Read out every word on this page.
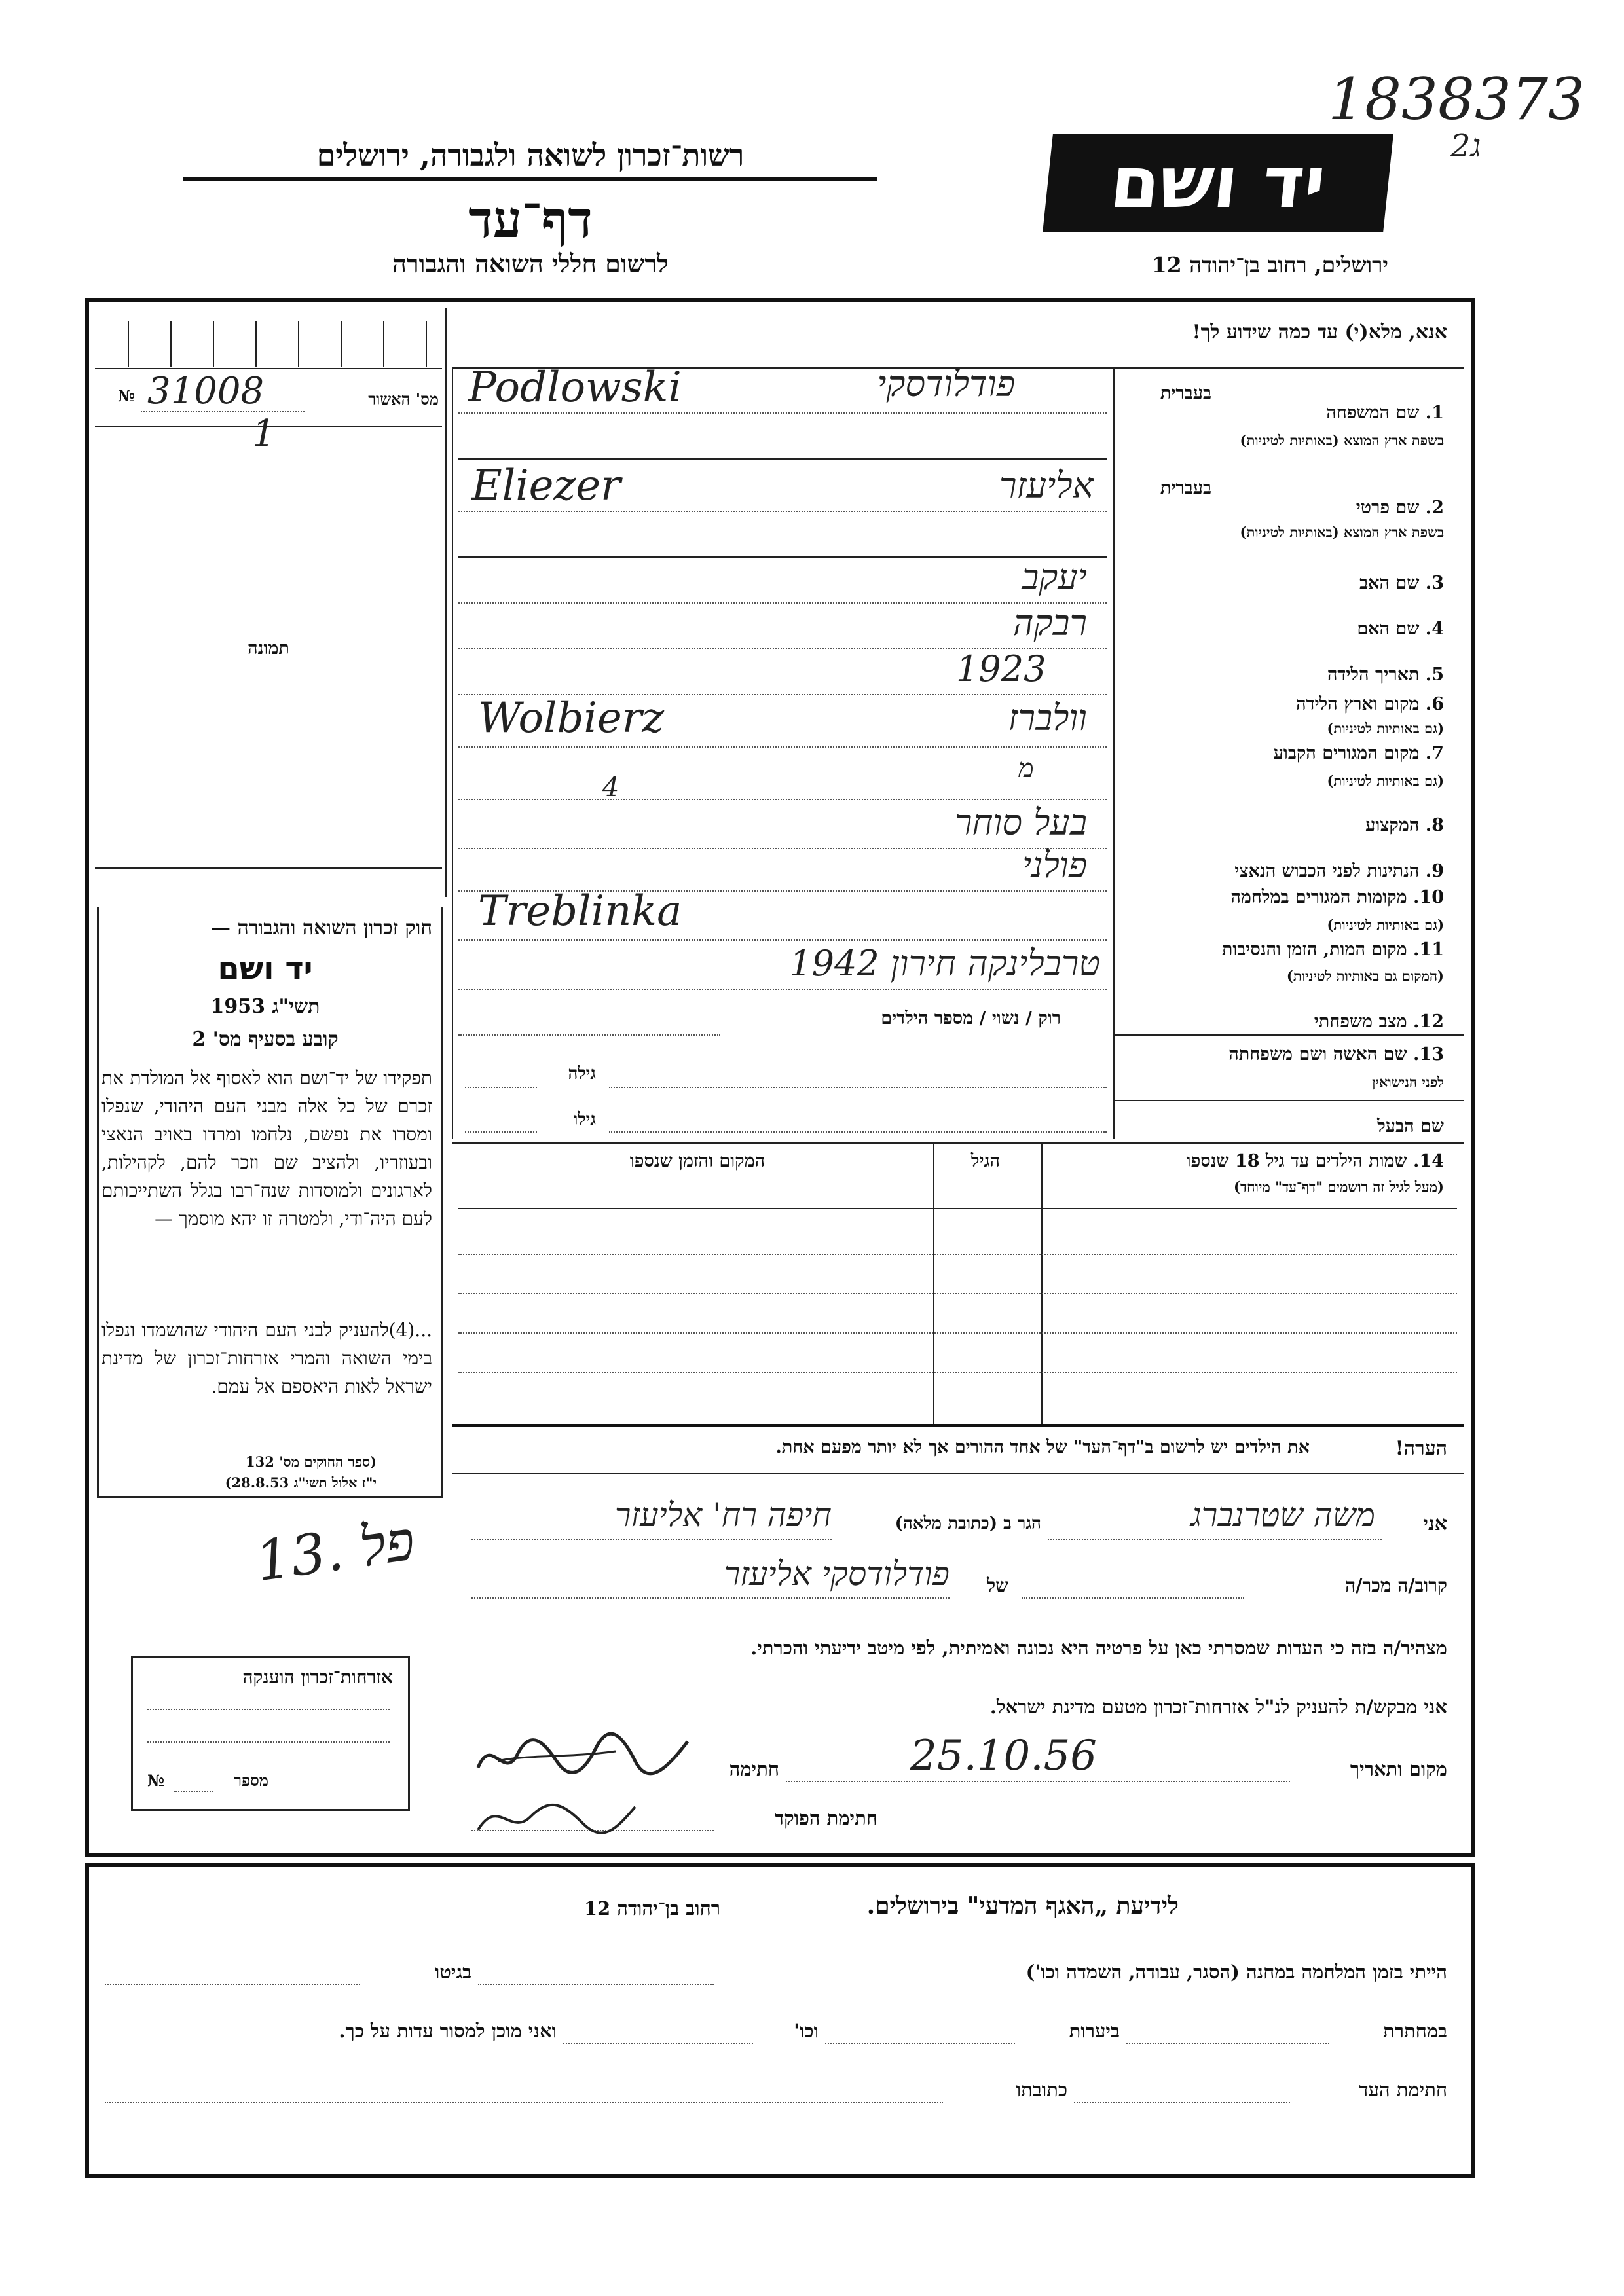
1838373
ג2
רשות־זכרון לשואה ולגבורה, ירושלים
דף־עד
לרשום חללי השואה והגבורה
יד ושם
ירושלים, רחוב בן־יהודה 12
№ 31008
1
מס' האשור
תמונה
חוק זכרון השואה והגבורה —
יד ושם
תשי"ג 1953
קובע בסעיף מס' 2
תפקידו של יד־ושם הוא לאסוף אל המולדת את זכרם של כל אלה מבני העם היהודי, שנפלו ומסרו את נפשם, נלחמו ומרדו באויב הנאצי ובעוזריו, ולהציב שם וזכר להם, לקהילות, לארגונים ולמוסדות שנח־רבו בגלל השתייכותם לעם היה־ודי, ולמטרה זו יהא מוסמך —
...(4)להעניק לבני העם היהודי שהושמדו ונפלו בימי השואה והמרי אזרחות־זכרון של מדינת ישראל לאות היאספם אל עמם.
(ספר החוקים מס' 132
י"ז אלול תשי"ג 28.8.53)
13. פל
אזרחות־זכרון הוענקה
№	מספר
אנא, מלא(י) עד כמה שידוע לך!
בעברית
בעברית
1. שם המשפחה
בשפת ארץ המוצא (באותיות לטיניות)
פודלודסקי
Podlowski
2. שם פרטי
בשפת ארץ המוצא (באותיות לטיניות)
אליעזר
Eliezer
3. שם האב
יעקב
4. שם האם
רבקה
5. תאריך הלידה
1923
6. מקום וארץ הלידה
(גם באותיות לטיניות)
וולברז
Wolbierz
7. מקום המגורים הקבוע
(גם באותיות לטיניות)
מ
4
8. המקצוע
בעל סוחר
9. הנתינות לפני הכבוש הנאצי
פולני
10. מקומות המגורים במלחמה
(גם באותיות לטיניות)
Treblinka
11. מקום המות, הזמן והנסיבות
(המקום גם באותיות לטיניות)
טרבלינקה חירון 1942
12. מצב משפחתי
רוק / נשוי / מספר הילדים
13. שם האשה ושם משפחתה
לפני הנישואין
גילה
שם הבעל
גילו
14. שמות הילדים עד גיל 18 שנספו
(מעל לגיל זה רושמים "דף־עד" מיוחד)
הגיל
המקום והזמן שנספו
הערה!
את הילדים יש לרשום ב"דף־העד" של אחד ההורים אך לא יותר מפעם אחת.
אני
משה שטרנברג
הגר ב (כתובת מלאה)
חיפה רח' אליעזר
קרוב/ה מכר/ה
של
פודלודסקי אליעזר
מצהיר/ה בזה כי העדות שמסרתי כאן על פרטיה היא נכונה ואמיתית, לפי מיטב ידיעתי והכרתי.
אני מבקש/ת להעניק לנ"ל אזרחות־זכרון מטעם מדינת ישראל.
מקום ותאריך
25.10.56
חתימה
חתימת הפוקד
לידיעת „האגף המדעי" בירושלים.
רחוב בן־יהודה 12
הייתי בזמן המלחמה במחנה (הסגר, עבודה, השמדה וכו')
בגיטו
במחתרת
ביערות
וכו'
ואני מוכן למסור עדות על כך.
חתימת העד
כתובתו
